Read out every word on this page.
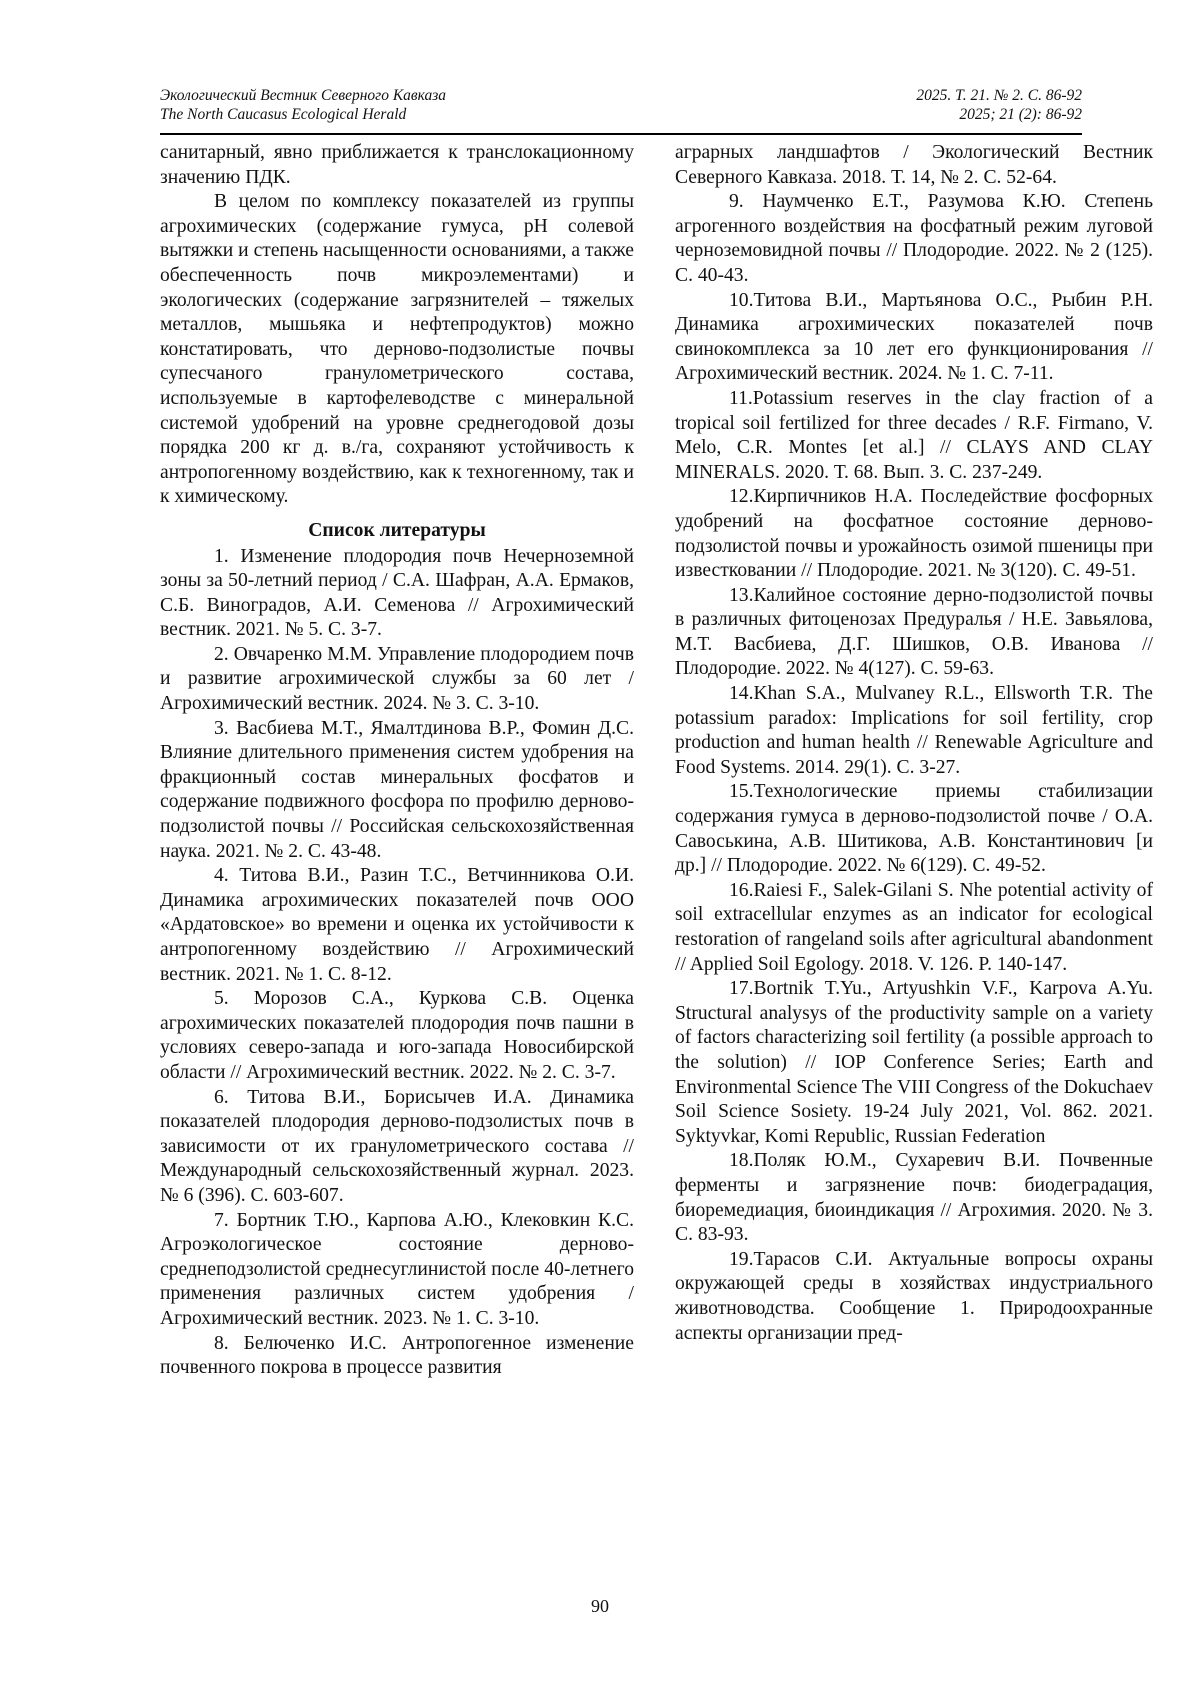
Экологический Вестник Северного Кавказа	2025. Т. 21. № 2. С. 86-92
The North Caucasus Ecological Herald	2025; 21 (2): 86-92

санитарный, явно приближается к транслокационному значению ПДК.

В целом по комплексу показателей из группы агрохимических (содержание гумуса, pH солевой вытяжки и степень насыщенности основаниями, а также обеспеченность почв микроэлементами) и экологических (содержание загрязнителей – тяжелых металлов, мышьяка и нефтепродуктов) можно констатировать, что дерново-подзолистые почвы супесчаного гранулометрического состава, используемые в картофелеводстве с минеральной системой удобрений на уровне среднегодовой дозы порядка 200 кг д. в./га, сохраняют устойчивость к антропогенному воздействию, как к техногенному, так и к химическому.

Список литературы

1. Изменение плодородия почв Нечерноземной зоны за 50-летний период / С.А. Шафран, А.А. Ермаков, С.Б. Виноградов, А.И. Семенова // Агрохимический вестник. 2021. № 5. С. 3-7.

2. Овчаренко М.М. Управление плодородием почв и развитие агрохимической службы за 60 лет / Агрохимический вестник. 2024. № 3. С. 3-10.

3. Васбиева М.Т., Ямалтдинова В.Р., Фомин Д.С. Влияние длительного применения систем удобрения на фракционный состав минеральных фосфатов и содержание подвижного фосфора по профилю дерново-подзолистой почвы // Российская сельскохозяйственная наука. 2021. № 2. С. 43-48.

4. Титова В.И., Разин Т.С., Ветчинникова О.И. Динамика агрохимических показателей почв ООО «Ардатовское» во времени и оценка их устойчивости к антропогенному воздействию // Агрохимический вестник. 2021. № 1. С. 8-12.

5. Морозов С.А., Куркова С.В. Оценка агрохимических показателей плодородия почв пашни в условиях северо-запада и юго-запада Новосибирской области // Агрохимический вестник. 2022. № 2. С. 3-7.

6. Титова В.И., Борисычев И.А. Динамика показателей плодородия дерново-подзолистых почв в зависимости от их гранулометрического состава // Международный сельскохозяйственный журнал. 2023. № 6 (396). С. 603-607.

7. Бортник Т.Ю., Карпова А.Ю., Клековкин К.С. Агроэкологическое состояние дерново-среднеподзолистой среднесуглинистой после 40-летнего применения различных систем удобрения / Агрохимический вестник. 2023. № 1. С. 3-10.

8. Белюченко И.С. Антропогенное изменение почвенного покрова в процессе развития

аграрных ландшафтов / Экологический Вестник Северного Кавказа. 2018. Т. 14, № 2. С. 52-64.

9. Наумченко Е.Т., Разумова К.Ю. Степень агрогенного воздействия на фосфатный режим луговой черноземовидной почвы // Плодородие. 2022. № 2 (125). С. 40-43.

10.Титова В.И., Мартьянова О.С., Рыбин Р.Н. Динамика агрохимических показателей почв свинокомплекса за 10 лет его функционирования // Агрохимический вестник. 2024. № 1. С. 7-11.

11.Potassium reserves in the clay fraction of a tropical soil fertilized for three decades / R.F. Firmano, V. Melo, C.R. Montes [et al.] // CLAYS AND CLAY MINERALS. 2020. Т. 68. Вып. 3. С. 237-249.

12.Кирпичников Н.А. Последействие фосфорных удобрений на фосфатное состояние дерново-подзолистой почвы и урожайность озимой пшеницы при известковании // Плодородие. 2021. № 3(120). С. 49-51.

13.Калийное состояние дерно-подзолистой почвы в различных фитоценозах Предуралья / Н.Е. Завьялова, М.Т. Васбиева, Д.Г. Шишков, О.В. Иванова // Плодородие. 2022. № 4(127). С. 59-63.

14.Khan S.A., Mulvaney R.L., Ellsworth T.R. The potassium paradox: Implications for soil fertility, crop production and human health // Renewable Agriculture and Food Systems. 2014. 29(1). С. 3-27.

15.Технологические приемы стабилизации содержания гумуса в дерново-подзолистой почве / О.А. Савоськина, А.В. Шитикова, А.В. Константинович [и др.] // Плодородие. 2022. № 6(129). С. 49-52.

16.Raiesi F., Salek-Gilani S. Nhe potential activity of soil extracellular enzymes as an indicator for ecological restoration of rangeland soils after agricultural abandonment // Applied Soil Egology. 2018. V. 126. P. 140-147.

17.Bortnik T.Yu., Artyushkin V.F., Karpova A.Yu. Structural analysys of the productivity sample on a variety of factors characterizing soil fertility (a possible approach to the solution) // IOP Conference Series; Earth and Environmental Science The VIII Congress of the Dokuchaev Soil Science Sosiety. 19-24 July 2021, Vol. 862. 2021. Syktyvkar, Komi Republic, Russian Federation

18.Поляк Ю.М., Сухаревич В.И. Почвенные ферменты и загрязнение почв: биодеградация, биоремедиация, биоиндикация // Агрохимия. 2020. № 3. С. 83-93.

19.Тарасов С.И. Актуальные вопросы охраны окружающей среды в хозяйствах индустриального животноводства. Сообщение 1. Природоохранные аспекты организации пред-

90
